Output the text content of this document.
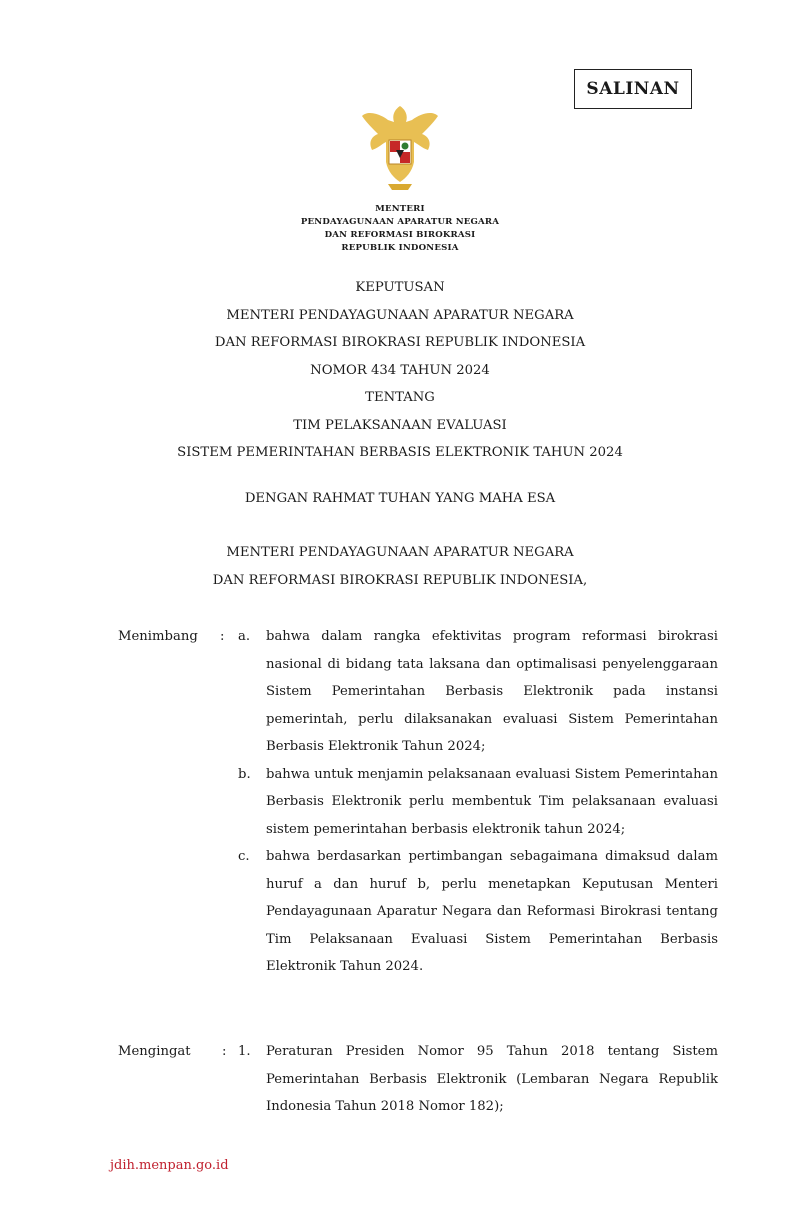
SALINAN
MENTERI
PENDAYAGUNAAN APARATUR NEGARA
DAN REFORMASI BIROKRASI
REPUBLIK INDONESIA
KEPUTUSAN
MENTERI PENDAYAGUNAAN APARATUR NEGARA
DAN REFORMASI BIROKRASI REPUBLIK INDONESIA
NOMOR 434 TAHUN 2024
TENTANG
TIM PELAKSANAAN EVALUASI
SISTEM PEMERINTAHAN BERBASIS ELEKTRONIK TAHUN 2024
DENGAN RAHMAT TUHAN YANG MAHA ESA
MENTERI PENDAYAGUNAAN APARATUR NEGARA
DAN REFORMASI BIROKRASI REPUBLIK INDONESIA,
Menimbang : a. bahwa dalam rangka efektivitas program reformasi birokrasi nasional di bidang tata laksana dan optimalisasi penyelenggaraan Sistem Pemerintahan Berbasis Elektronik pada instansi pemerintah, perlu dilaksanakan evaluasi Sistem Pemerintahan Berbasis Elektronik Tahun 2024;
b. bahwa untuk menjamin pelaksanaan evaluasi Sistem Pemerintahan Berbasis Elektronik perlu membentuk Tim pelaksanaan evaluasi sistem pemerintahan berbasis elektronik tahun 2024;
c. bahwa berdasarkan pertimbangan sebagaimana dimaksud dalam huruf a dan huruf b, perlu menetapkan Keputusan Menteri Pendayagunaan Aparatur Negara dan Reformasi Birokrasi tentang Tim Pelaksanaan Evaluasi Sistem Pemerintahan Berbasis Elektronik Tahun 2024.
Mengingat : 1. Peraturan Presiden Nomor 95 Tahun 2018 tentang Sistem Pemerintahan Berbasis Elektronik (Lembaran Negara Republik Indonesia Tahun 2018 Nomor 182);
jdih.menpan.go.id
